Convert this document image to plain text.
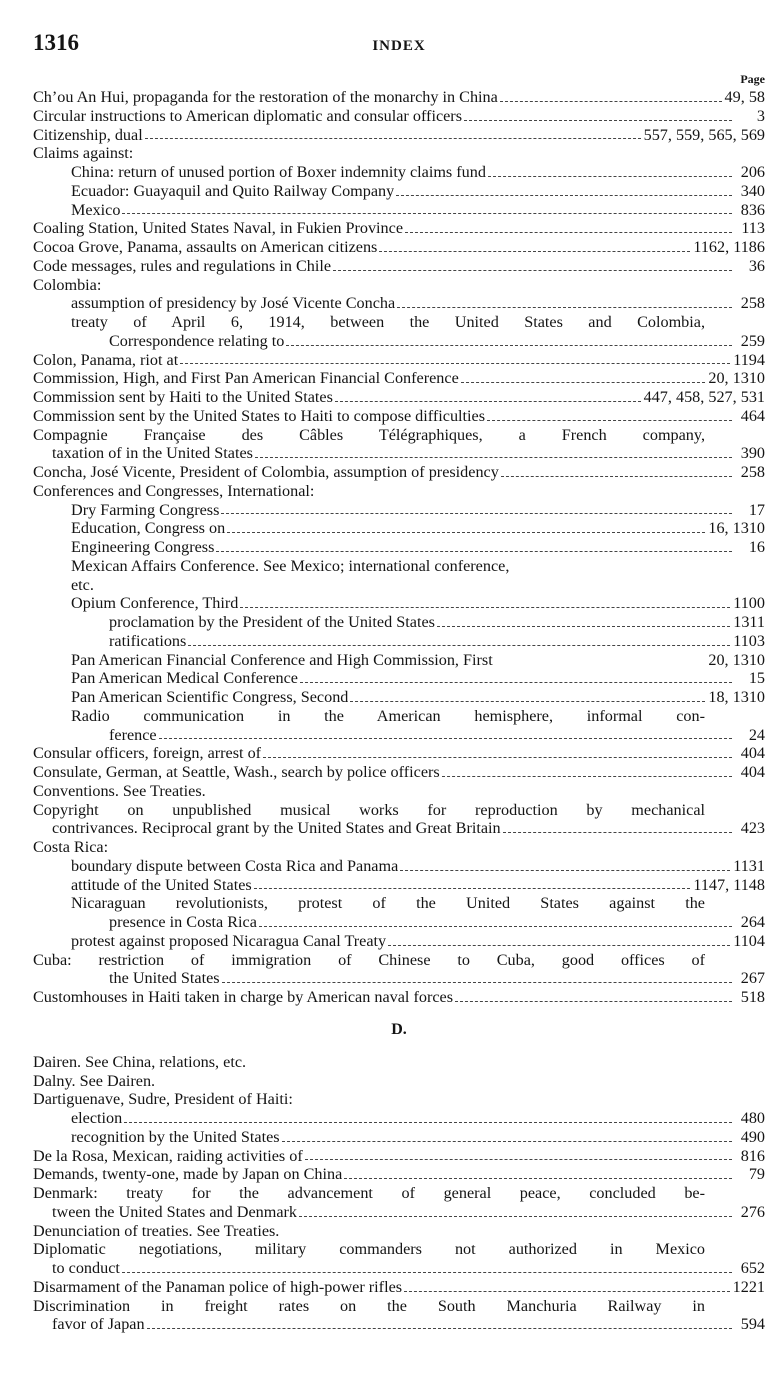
1316	INDEX
Page
Ch’ou An Hui, propaganda for the restoration of the monarchy in China	49, 58
Circular instructions to American diplomatic and consular officers	3
Citizenship, dual	557, 559, 565, 569
Claims against:
China: return of unused portion of Boxer indemnity claims fund	206
Ecuador: Guayaquil and Quito Railway Company	340
Mexico	836
Coaling Station, United States Naval, in Fukien Province	113
Cocoa Grove, Panama, assaults on American citizens	1162, 1186
Code messages, rules and regulations in Chile	36
Colombia:
assumption of presidency by José Vicente Concha	258
treaty of April 6, 1914, between the United States and Colombia,
Correspondence relating to	259
Colon, Panama, riot at	1194
Commission, High, and First Pan American Financial Conference	20, 1310
Commission sent by Haiti to the United States	447, 458, 527, 531
Commission sent by the United States to Haiti to compose difficulties	464
Compagnie Française des Câbles Télégraphiques, a French company,
taxation of in the United States	390
Concha, José Vicente, President of Colombia, assumption of presidency	258
Conferences and Congresses, International:
Dry Farming Congress	17
Education, Congress on	16, 1310
Engineering Congress	16
Mexican Affairs Conference. See Mexico; international conference,
etc.
Opium Conference, Third	1100
proclamation by the President of the United States	1311
ratifications	1103
Pan American Financial Conference and High Commission, First	20, 1310
Pan American Medical Conference	15
Pan American Scientific Congress, Second	18, 1310
Radio communication in the American hemisphere, informal con-
ference	24
Consular officers, foreign, arrest of	404
Consulate, German, at Seattle, Wash., search by police officers	404
Conventions. See Treaties.
Copyright on unpublished musical works for reproduction by mechanical
contrivances. Reciprocal grant by the United States and Great Britain	423
Costa Rica:
boundary dispute between Costa Rica and Panama	1131
attitude of the United States	1147, 1148
Nicaraguan revolutionists, protest of the United States against the
presence in Costa Rica	264
protest against proposed Nicaragua Canal Treaty	1104
Cuba: restriction of immigration of Chinese to Cuba, good offices of
the United States	267
Customhouses in Haiti taken in charge by American naval forces	518
D.
Dairen. See China, relations, etc.
Dalny. See Dairen.
Dartiguenave, Sudre, President of Haiti:
election	480
recognition by the United States	490
De la Rosa, Mexican, raiding activities of	816
Demands, twenty-one, made by Japan on China	79
Denmark: treaty for the advancement of general peace, concluded be-
tween the United States and Denmark	276
Denunciation of treaties. See Treaties.
Diplomatic negotiations, military commanders not authorized in Mexico
to conduct	652
Disarmament of the Panaman police of high-power rifles	1221
Discrimination in freight rates on the South Manchuria Railway in
favor of Japan	594
